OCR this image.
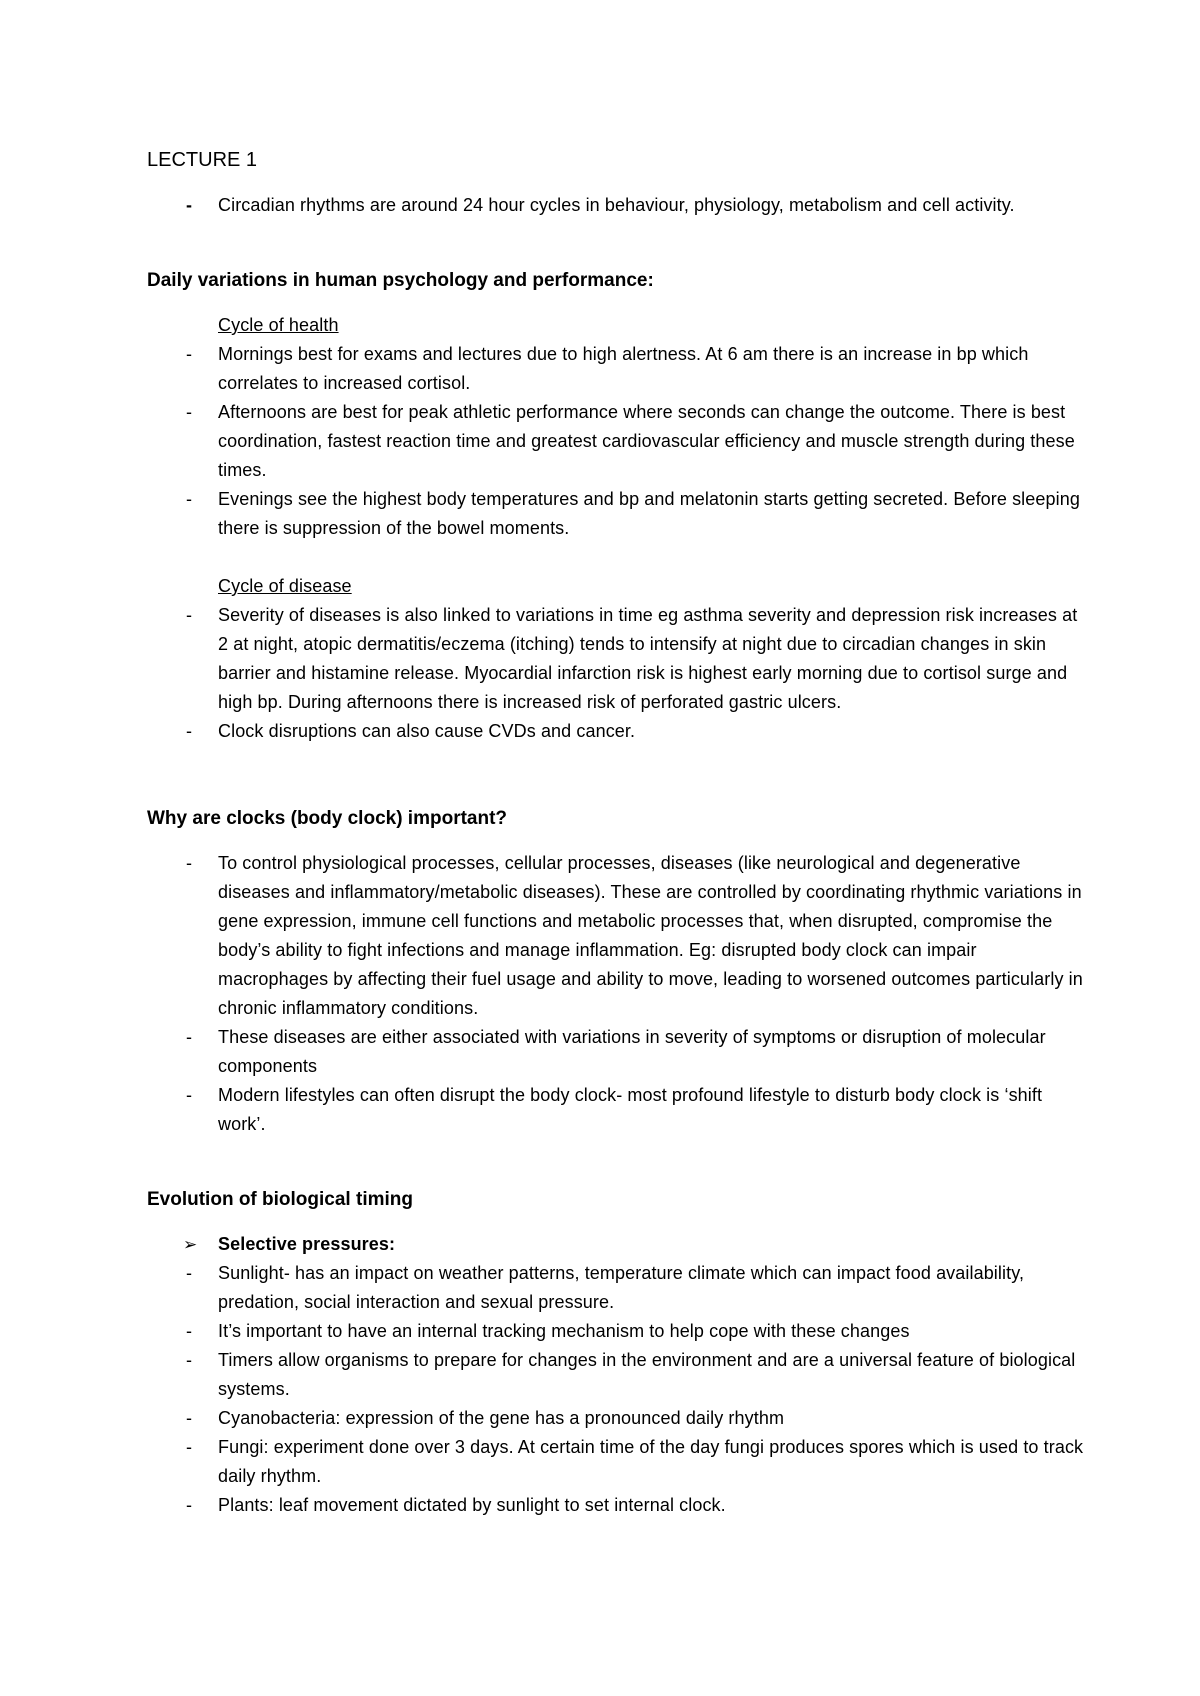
LECTURE 1
- Circadian rhythms are around 24 hour cycles in behaviour, physiology, metabolism and cell activity.
Daily variations in human psychology and performance:
Cycle of health
- Mornings best for exams and lectures due to high alertness. At 6 am there is an increase in bp which correlates to increased cortisol.
- Afternoons are best for peak athletic performance where seconds can change the outcome. There is best coordination, fastest reaction time and greatest cardiovascular efficiency and muscle strength during these times.
- Evenings see the highest body temperatures and bp and melatonin starts getting secreted. Before sleeping there is suppression of the bowel moments.
Cycle of disease
- Severity of diseases is also linked to variations in time eg asthma severity and depression risk increases at 2 at night, atopic dermatitis/eczema (itching) tends to intensify at night due to circadian changes in skin barrier and histamine release. Myocardial infarction risk is highest early morning due to cortisol surge and high bp. During afternoons there is increased risk of perforated gastric ulcers.
- Clock disruptions can also cause CVDs and cancer.
Why are clocks (body clock) important?
- To control physiological processes, cellular processes, diseases (like neurological and degenerative diseases and inflammatory/metabolic diseases). These are controlled by coordinating rhythmic variations in gene expression, immune cell functions and metabolic processes that, when disrupted, compromise the body’s ability to fight infections and manage inflammation. Eg: disrupted body clock can impair macrophages by affecting their fuel usage and ability to move, leading to worsened outcomes particularly in chronic inflammatory conditions.
- These diseases are either associated with variations in severity of symptoms or disruption of molecular components
- Modern lifestyles can often disrupt the body clock- most profound lifestyle to disturb body clock is ‘shift work’.
Evolution of biological timing
➢ Selective pressures:
- Sunlight- has an impact on weather patterns, temperature climate which can impact food availability, predation, social interaction and sexual pressure.
- It’s important to have an internal tracking mechanism to help cope with these changes
- Timers allow organisms to prepare for changes in the environment and are a universal feature of biological systems.
- Cyanobacteria: expression of the gene has a pronounced daily rhythm
- Fungi: experiment done over 3 days. At certain time of the day fungi produces spores which is used to track daily rhythm.
- Plants: leaf movement dictated by sunlight to set internal clock.
